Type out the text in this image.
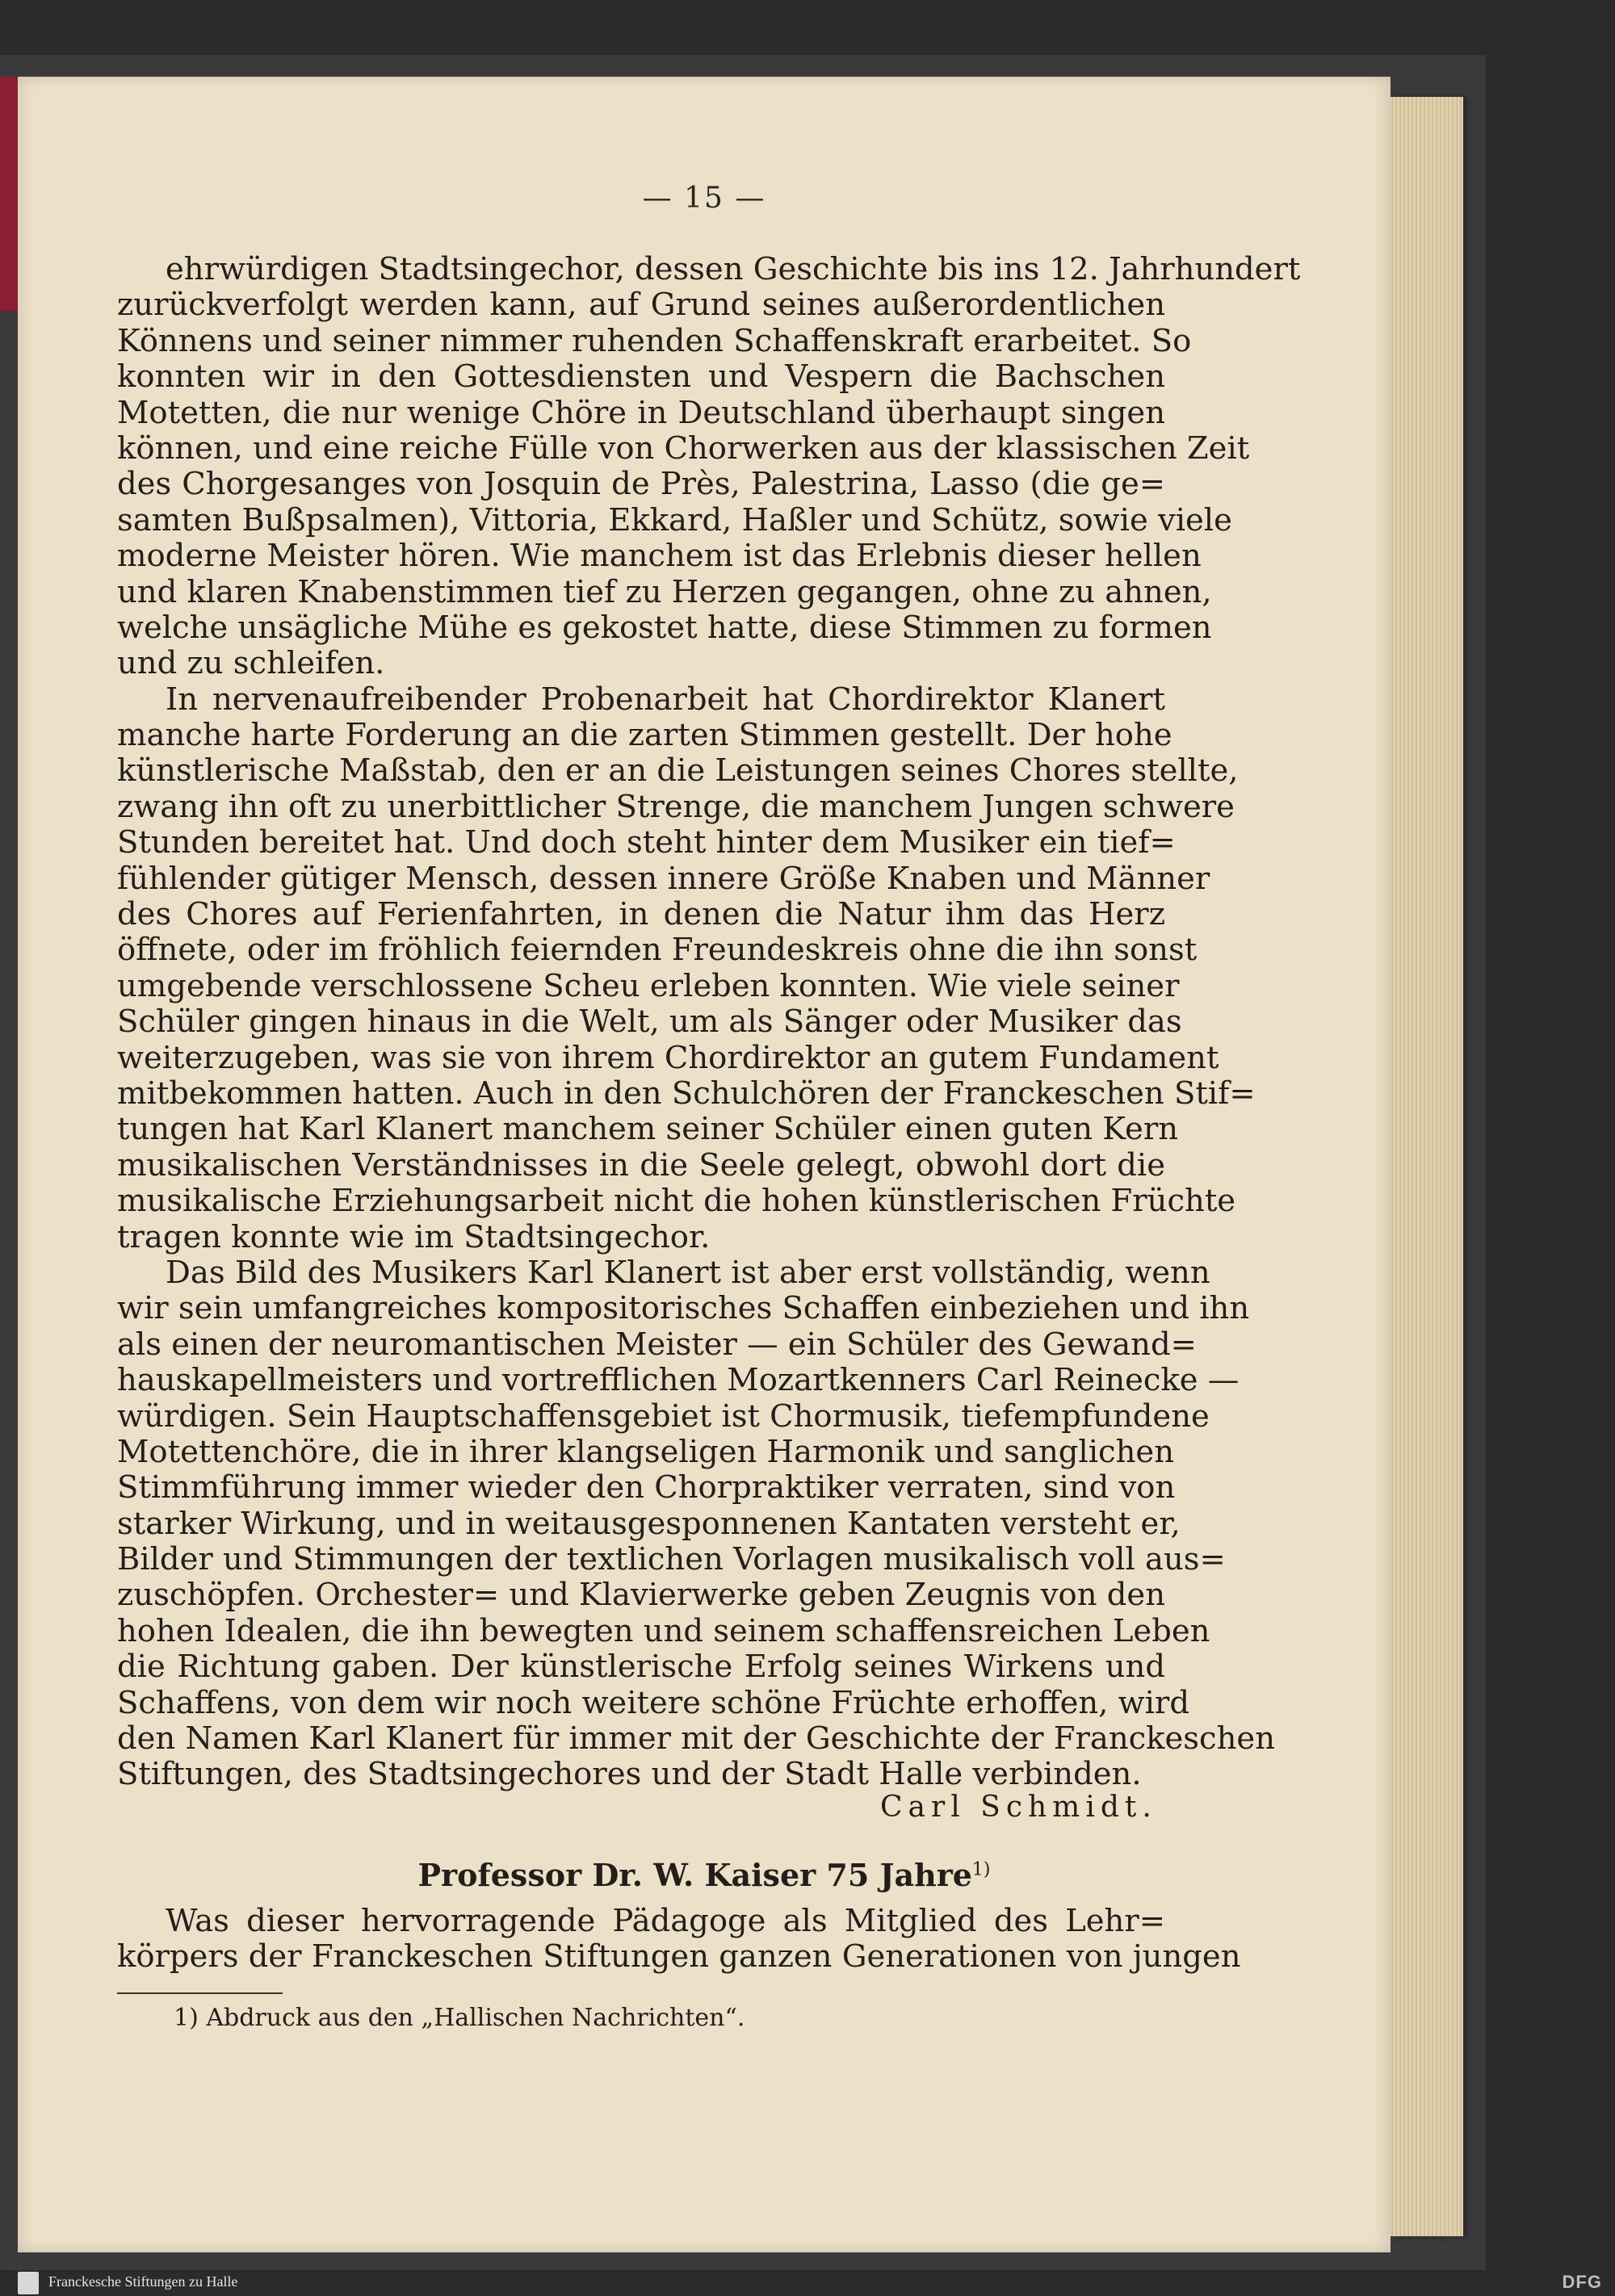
— 15 —
ehrwürdigen Stadtsingechor, dessen Geschichte bis ins 12. Jahrhundert
zurückverfolgt werden kann, auf Grund seines außerordentlichen
Könnens und seiner nimmer ruhenden Schaffenskraft erarbeitet. So
konnten wir in den Gottesdiensten und Vespern die Bachschen
Motetten, die nur wenige Chöre in Deutschland überhaupt singen
können, und eine reiche Fülle von Chorwerken aus der klassischen Zeit
des Chorgesanges von Josquin de Près, Palestrina, Lasso (die ge=
samten Bußpsalmen), Vittoria, Ekkard, Haßler und Schütz, sowie viele
moderne Meister hören. Wie manchem ist das Erlebnis dieser hellen
und klaren Knabenstimmen tief zu Herzen gegangen, ohne zu ahnen,
welche unsägliche Mühe es gekostet hatte, diese Stimmen zu formen
und zu schleifen.
In nervenaufreibender Probenarbeit hat Chordirektor Klanert
manche harte Forderung an die zarten Stimmen gestellt. Der hohe
künstlerische Maßstab, den er an die Leistungen seines Chores stellte,
zwang ihn oft zu unerbittlicher Strenge, die manchem Jungen schwere
Stunden bereitet hat. Und doch steht hinter dem Musiker ein tief=
fühlender gütiger Mensch, dessen innere Größe Knaben und Männer
des Chores auf Ferienfahrten, in denen die Natur ihm das Herz
öffnete, oder im fröhlich feiernden Freundeskreis ohne die ihn sonst
umgebende verschlossene Scheu erleben konnten. Wie viele seiner
Schüler gingen hinaus in die Welt, um als Sänger oder Musiker das
weiterzugeben, was sie von ihrem Chordirektor an gutem Fundament
mitbekommen hatten. Auch in den Schulchören der Franckeschen Stif=
tungen hat Karl Klanert manchem seiner Schüler einen guten Kern
musikalischen Verständnisses in die Seele gelegt, obwohl dort die
musikalische Erziehungsarbeit nicht die hohen künstlerischen Früchte
tragen konnte wie im Stadtsingechor.
Das Bild des Musikers Karl Klanert ist aber erst vollständig, wenn
wir sein umfangreiches kompositorisches Schaffen einbeziehen und ihn
als einen der neuromantischen Meister — ein Schüler des Gewand=
hauskapellmeisters und vortrefflichen Mozartkenners Carl Reinecke —
würdigen. Sein Hauptschaffensgebiet ist Chormusik, tiefempfundene
Motettenchöre, die in ihrer klangseligen Harmonik und sanglichen
Stimmführung immer wieder den Chorpraktiker verraten, sind von
starker Wirkung, und in weitausgesponnenen Kantaten versteht er,
Bilder und Stimmungen der textlichen Vorlagen musikalisch voll aus=
zuschöpfen. Orchester= und Klavierwerke geben Zeugnis von den
hohen Idealen, die ihn bewegten und seinem schaffensreichen Leben
die Richtung gaben. Der künstlerische Erfolg seines Wirkens und
Schaffens, von dem wir noch weitere schöne Früchte erhoffen, wird
den Namen Karl Klanert für immer mit der Geschichte der Franckeschen
Stiftungen, des Stadtsingechores und der Stadt Halle verbinden.
Carl Schmidt.
Professor Dr. W. Kaiser 75 Jahre$^{1)}$
Was dieser hervorragende Pädagoge als Mitglied des Lehr=
körpers der Franckeschen Stiftungen ganzen Generationen von jungen
1) Abdruck aus den „Hallischen Nachrichten“.
Franckesche Stiftungen zu Halle	DFG
